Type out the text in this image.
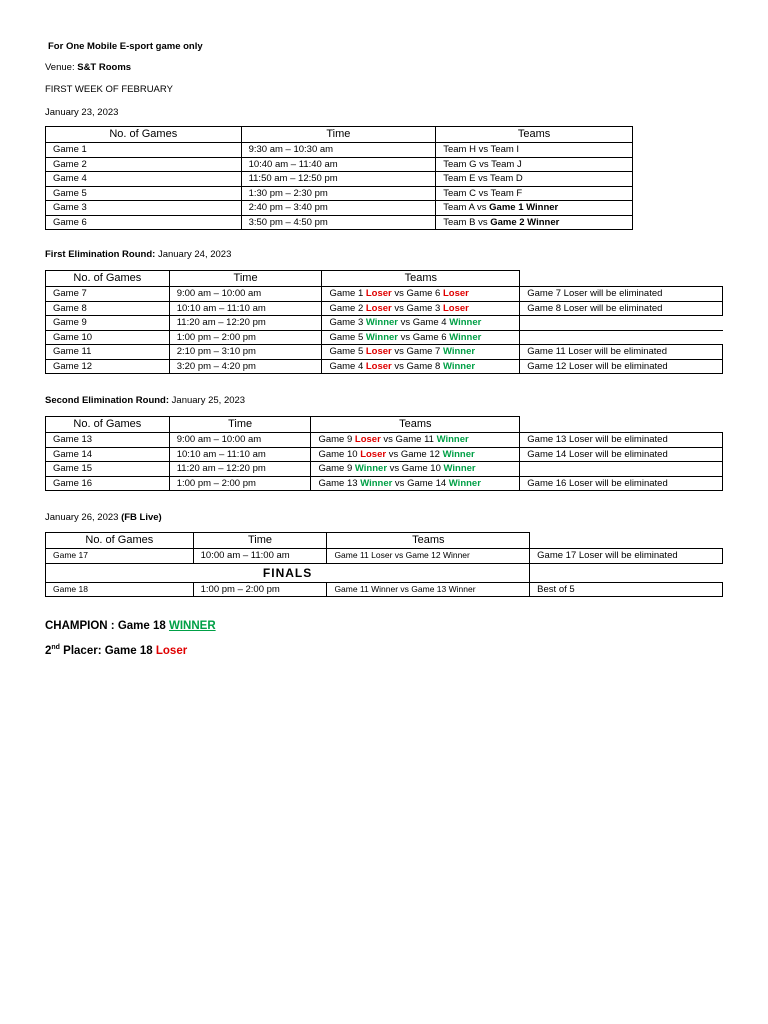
For One Mobile E-sport game only
Venue: S&T Rooms
FIRST WEEK OF FEBRUARY
January 23, 2023
No. of Games	Time	Teams
Game 1	9:30 am – 10:30 am	Team H vs Team I
Game 2	10:40 am – 11:40 am	Team G vs Team J
Game 4	11:50 am – 12:50 pm	Team E vs Team D
Game 5	1:30 pm – 2:30 pm	Team C vs Team F
Game 3	2:40 pm – 3:40 pm	Team A vs Game 1 Winner
Game 6	3:50 pm – 4:50 pm	Team B vs Game 2 Winner
First Elimination Round: January 24, 2023
No. of Games	Time	Teams	
Game 7	9:00 am – 10:00 am	Game 1 Loser vs Game 6 Loser	Game 7 Loser will be eliminated
Game 8	10:10 am – 11:10 am	Game 2 Loser vs Game 3 Loser	Game 8 Loser will be eliminated
Game 9	11:20 am – 12:20 pm	Game 3 Winner vs Game 4 Winner	
Game 10	1:00 pm – 2:00 pm	Game 5 Winner vs Game 6 Winner	
Game 11	2:10 pm – 3:10 pm	Game 5 Loser vs Game 7 Winner	Game 11 Loser will be eliminated
Game 12	3:20 pm – 4:20 pm	Game 4 Loser vs Game 8 Winner	Game 12 Loser will be eliminated
Second Elimination Round: January 25, 2023
No. of Games	Time	Teams	
Game 13	9:00 am – 10:00 am	Game 9 Loser vs Game 11 Winner	Game 13 Loser will be eliminated
Game 14	10:10 am – 11:10 am	Game 10 Loser vs Game 12 Winner	Game 14 Loser will be eliminated
Game 15	11:20 am – 12:20 pm	Game 9 Winner vs Game 10 Winner	
Game 16	1:00 pm – 2:00 pm	Game 13 Winner vs Game 14 Winner	Game 16 Loser will be eliminated
January 26, 2023 (FB Live)
No. of Games	Time	Teams	
Game 17	10:00 am – 11:00 am	Game 11 Loser vs Game 12 Winner	Game 17 Loser will be eliminated
FINALS			
Game 18	1:00 pm – 2:00 pm	Game 11 Winner vs Game 13 Winner	Best of 5
CHAMPION : Game 18 WINNER
2nd Placer: Game 18 Loser
